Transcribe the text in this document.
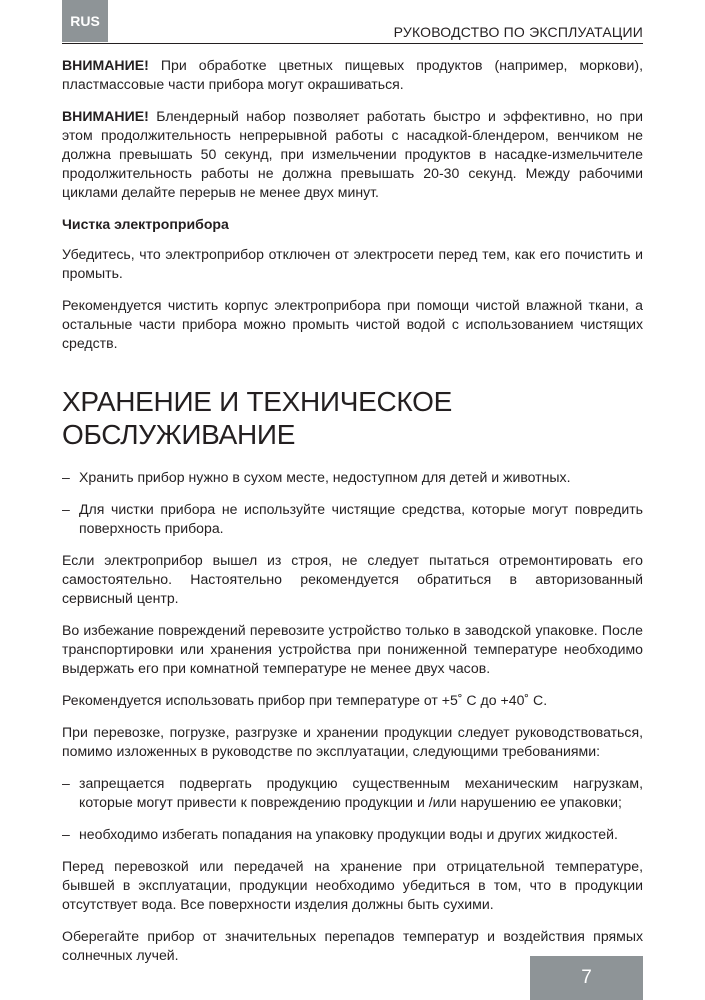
RUS
РУКОВОДСТВО ПО ЭКСПЛУАТАЦИИ

ВНИМАНИЕ! При обработке цветных пищевых продуктов (например, моркови), пластмассовые части прибора могут окрашиваться.

ВНИМАНИЕ! Блендерный набор позволяет работать быстро и эффективно, но при этом продолжительность непрерывной работы с насадкой-блендером, венчиком не должна превышать 50 секунд, при измельчении продуктов в насадке-измельчителе продолжительность работы не должна превышать 20-30 секунд. Между рабочими циклами делайте перерыв не менее двух минут.

Чистка электроприбора

Убедитесь, что электроприбор отключен от электросети перед тем, как его почистить и промыть.

Рекомендуется чистить корпус электроприбора при помощи чистой влажной ткани, а остальные части прибора можно промыть чистой водой с использованием чистящих средств.

ХРАНЕНИЕ И ТЕХНИЧЕСКОЕ
ОБСЛУЖИВАНИЕ
– Хранить прибор нужно в сухом месте, недоступном для детей и животных.
– Для чистки прибора не используйте чистящие средства, которые могут повредить поверхность прибора.

Если электроприбор вышел из строя, не следует пытаться отремонтировать его самостоятельно. Настоятельно рекомендуется обратиться в авторизованный сервисный центр.

Во избежание повреждений перевозите устройство только в заводской упаковке. После транспортировки или хранения устройства при пониженной температуре необходимо выдержать его при комнатной температуре не менее двух часов.

Рекомендуется использовать прибор при температуре от +5˚ С до +40˚ С.

При перевозке, погрузке, разгрузке и хранении продукции следует руководствоваться, помимо изложенных в руководстве по эксплуатации, следующими требованиями:

– запрещается подвергать продукцию существенным механическим нагрузкам, которые могут привести к повреждению продукции и /или нарушению ее упаковки;
– необходимо избегать попадания на упаковку продукции воды и других жидкостей.

Перед перевозкой или передачей на хранение при отрицательной температуре, бывшей в эксплуатации, продукции необходимо убедиться в том, что в продукции отсутствует вода. Все поверхности изделия должны быть сухими.

Оберегайте прибор от значительных перепадов температур и воздействия прямых солнечных лучей.

7
